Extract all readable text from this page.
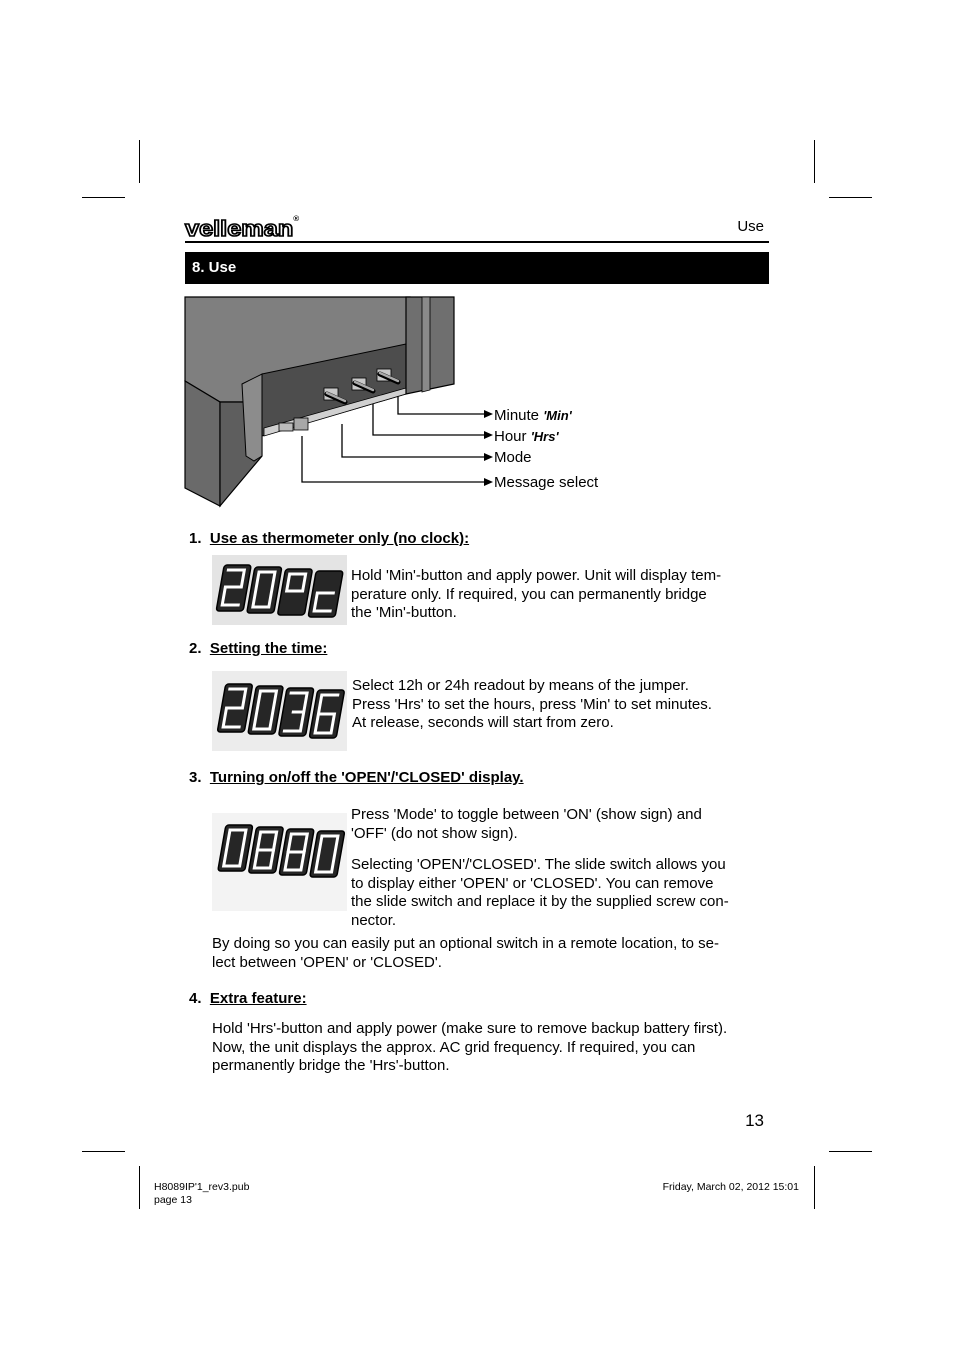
velleman®	Use
8. Use
Minute 'Min'
Hour 'Hrs'
Mode
Message select
1. Use as thermometer only (no clock):
Hold 'Min'-button and apply power. Unit will display tem-
perature only. If required, you can permanently bridge
the 'Min'-button.
2. Setting the time:
Select 12h or 24h readout by means of the jumper.
Press 'Hrs' to set the hours, press 'Min' to set minutes.
At release, seconds will start from zero.
3. Turning on/off the 'OPEN'/'CLOSED' display.
Press 'Mode' to toggle between 'ON' (show sign) and
'OFF' (do not show sign).
Selecting 'OPEN'/'CLOSED'. The slide switch allows you
to display either 'OPEN' or 'CLOSED'. You can remove
the slide switch and replace it by the supplied screw con-
nector.
By doing so you can easily put an optional switch in a remote location, to se-
lect between 'OPEN' or 'CLOSED'.
4. Extra feature:
Hold 'Hrs'-button and apply power (make sure to remove backup battery first).
Now, the unit displays the approx. AC grid frequency. If required, you can
permanently bridge the 'Hrs'-button.
13
H8089IP'1_rev3.pub
page 13
Friday, March 02, 2012 15:01
